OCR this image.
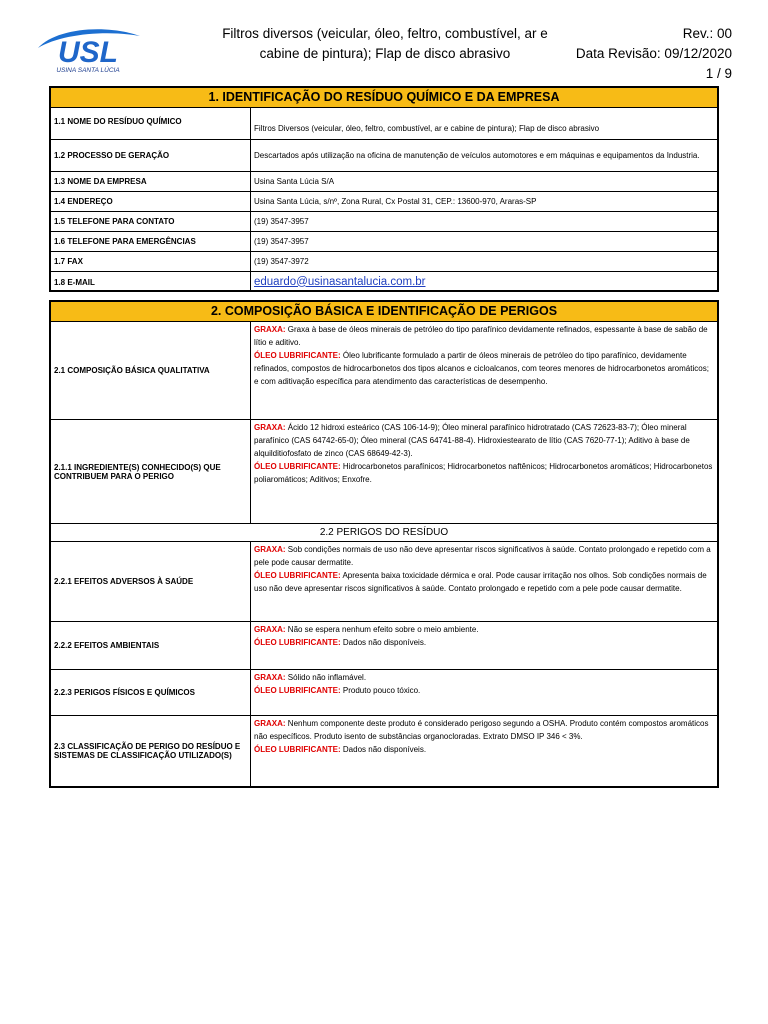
USL
USINA SANTA LÚCIA
Filtros diversos (veicular, óleo, feltro, combustível, ar e
cabine de pintura); Flap de disco abrasivo
Rev.: 00
Data Revisão: 09/12/2020
1 / 9
1. IDENTIFICAÇÃO DO RESÍDUO QUÍMICO E DA EMPRESA
1.1 NOME DO RESÍDUO QUÍMICO
Filtros Diversos (veicular, óleo, feltro, combustível, ar e cabine de pintura); Flap de disco abrasivo
1.2 PROCESSO DE GERAÇÃO	Descartados após utilização na oficina de manutenção de veículos automotores e em máquinas e equipamentos da Industria.
1.3 NOME DA EMPRESA	Usina Santa Lúcia S/A
1.4 ENDEREÇO	Usina Santa Lúcia, s/nº, Zona Rural, Cx Postal 31, CEP.: 13600-970, Araras-SP
1.5 TELEFONE PARA CONTATO	(19) 3547-3957
1.6 TELEFONE PARA EMERGÊNCIAS	(19) 3547-3957
1.7 FAX	(19) 3547-3972
1.8 E-MAIL	eduardo@usinasantalucia.com.br
2. COMPOSIÇÃO BÁSICA E IDENTIFICAÇÃO DE PERIGOS
2.1 COMPOSIÇÃO BÁSICA QUALITATIVA

GRAXA: Graxa à base de óleos minerais de petróleo do tipo parafínico devidamente refinados, espessante à base de sabão de lítio e aditivo.

ÓLEO LUBRIFICANTE: Óleo lubrificante formulado a partir de óleos minerais de petróleo do tipo parafínico, devidamente refinados, compostos de hidrocarbonetos dos tipos alcanos e cicloalcanos, com teores menores de hidrocarbonetos aromáticos; e com aditivação específica para atendimento das características de desempenho.

2.1.1 INGREDIENTE(S) CONHECIDO(S) QUE CONTRIBUEM PARA O PERIGO

GRAXA: Ácido 12 hidroxi esteárico (CAS 106-14-9); Óleo mineral parafínico hidrotratado (CAS 72623-83-7); Óleo mineral parafínico (CAS 64742-65-0); Óleo mineral (CAS 64741-88-4). Hidroxiestearato de lítio (CAS 7620-77-1); Aditivo à base de alquilditiofosfato de zinco (CAS 68649-42-3).

ÓLEO LUBRIFICANTE: Hidrocarbonetos parafínicos; Hidrocarbonetos naftênicos; Hidrocarbonetos aromáticos; Hidrocarbonetos poliaromáticos; Aditivos; Enxofre.

2.2 PERIGOS DO RESÍDUO
2.2.1 EFEITOS ADVERSOS À SAÚDE

GRAXA: Sob condições normais de uso não deve apresentar riscos significativos à saúde. Contato prolongado e repetido com a pele pode causar dermatite.

ÓLEO LUBRIFICANTE: Apresenta baixa toxicidade dérmica e oral. Pode causar irritação nos olhos. Sob condições normais de uso não deve apresentar riscos significativos à saúde. Contato prolongado e repetido com a pele pode causar dermatite.

2.2.2 EFEITOS AMBIENTAIS

GRAXA: Não se espera nenhum efeito sobre o meio ambiente.

ÓLEO LUBRIFICANTE: Dados não disponíveis.

2.2.3 PERIGOS FÍSICOS E QUÍMICOS

GRAXA: Sólido não inflamável.

ÓLEO LUBRIFICANTE: Produto pouco tóxico.

2.3 CLASSIFICAÇÃO DE PERIGO DO RESÍDUO E SISTEMAS DE CLASSIFICAÇÃO UTILIZADO(S)

GRAXA: Nenhum componente deste produto é considerado perigoso segundo a OSHA. Produto contém compostos aromáticos não específicos. Produto isento de substâncias organocloradas. Extrato DMSO IP 346 < 3%.

ÓLEO LUBRIFICANTE: Dados não disponíveis.
